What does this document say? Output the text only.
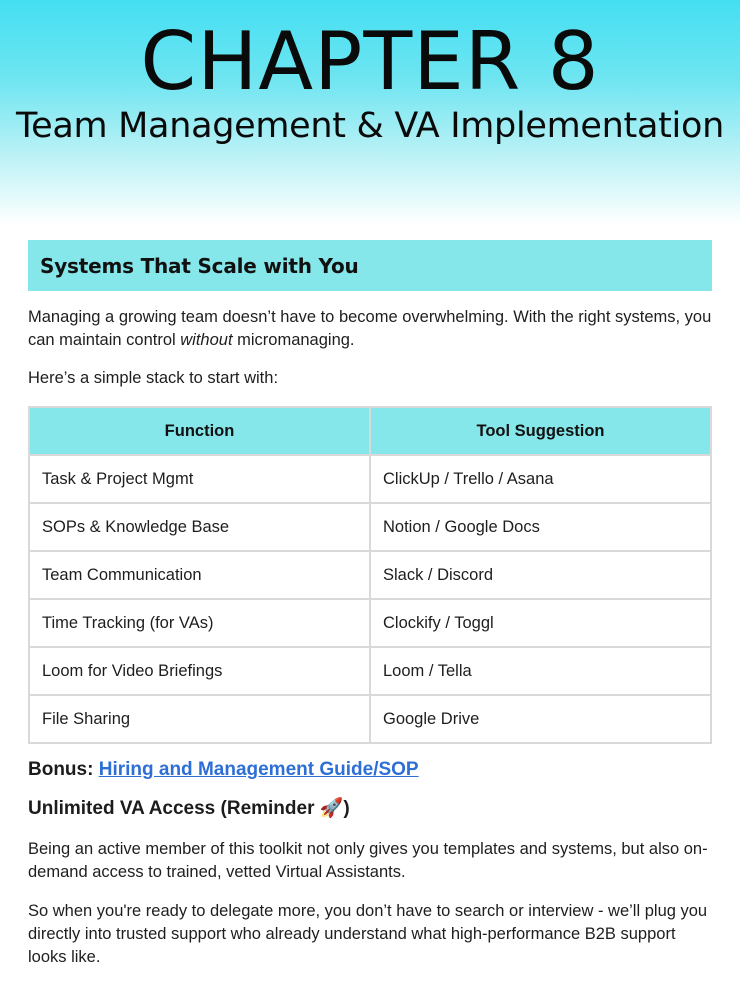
CHAPTER 8
Team Management & VA Implementation
Systems That Scale with You

Managing a growing team doesn’t have to become overwhelming. With the right systems, you can maintain control without micromanaging.

Here’s a simple stack to start with:

Function	Tool Suggestion
Task & Project Mgmt	ClickUp / Trello / Asana
SOPs & Knowledge Base	Notion / Google Docs
Team Communication	Slack / Discord
Time Tracking (for VAs)	Clockify / Toggl
Loom for Video Briefings	Loom / Tella
File Sharing	Google Drive
Bonus: Hiring and Management Guide/SOP
Unlimited VA Access (Reminder 🚀)

Being an active member of this toolkit not only gives you templates and systems, but also on-demand access to trained, vetted Virtual Assistants.

So when you're ready to delegate more, you don’t have to search or interview - we’ll plug you directly into trusted support who already understand what high-performance B2B support looks like.
